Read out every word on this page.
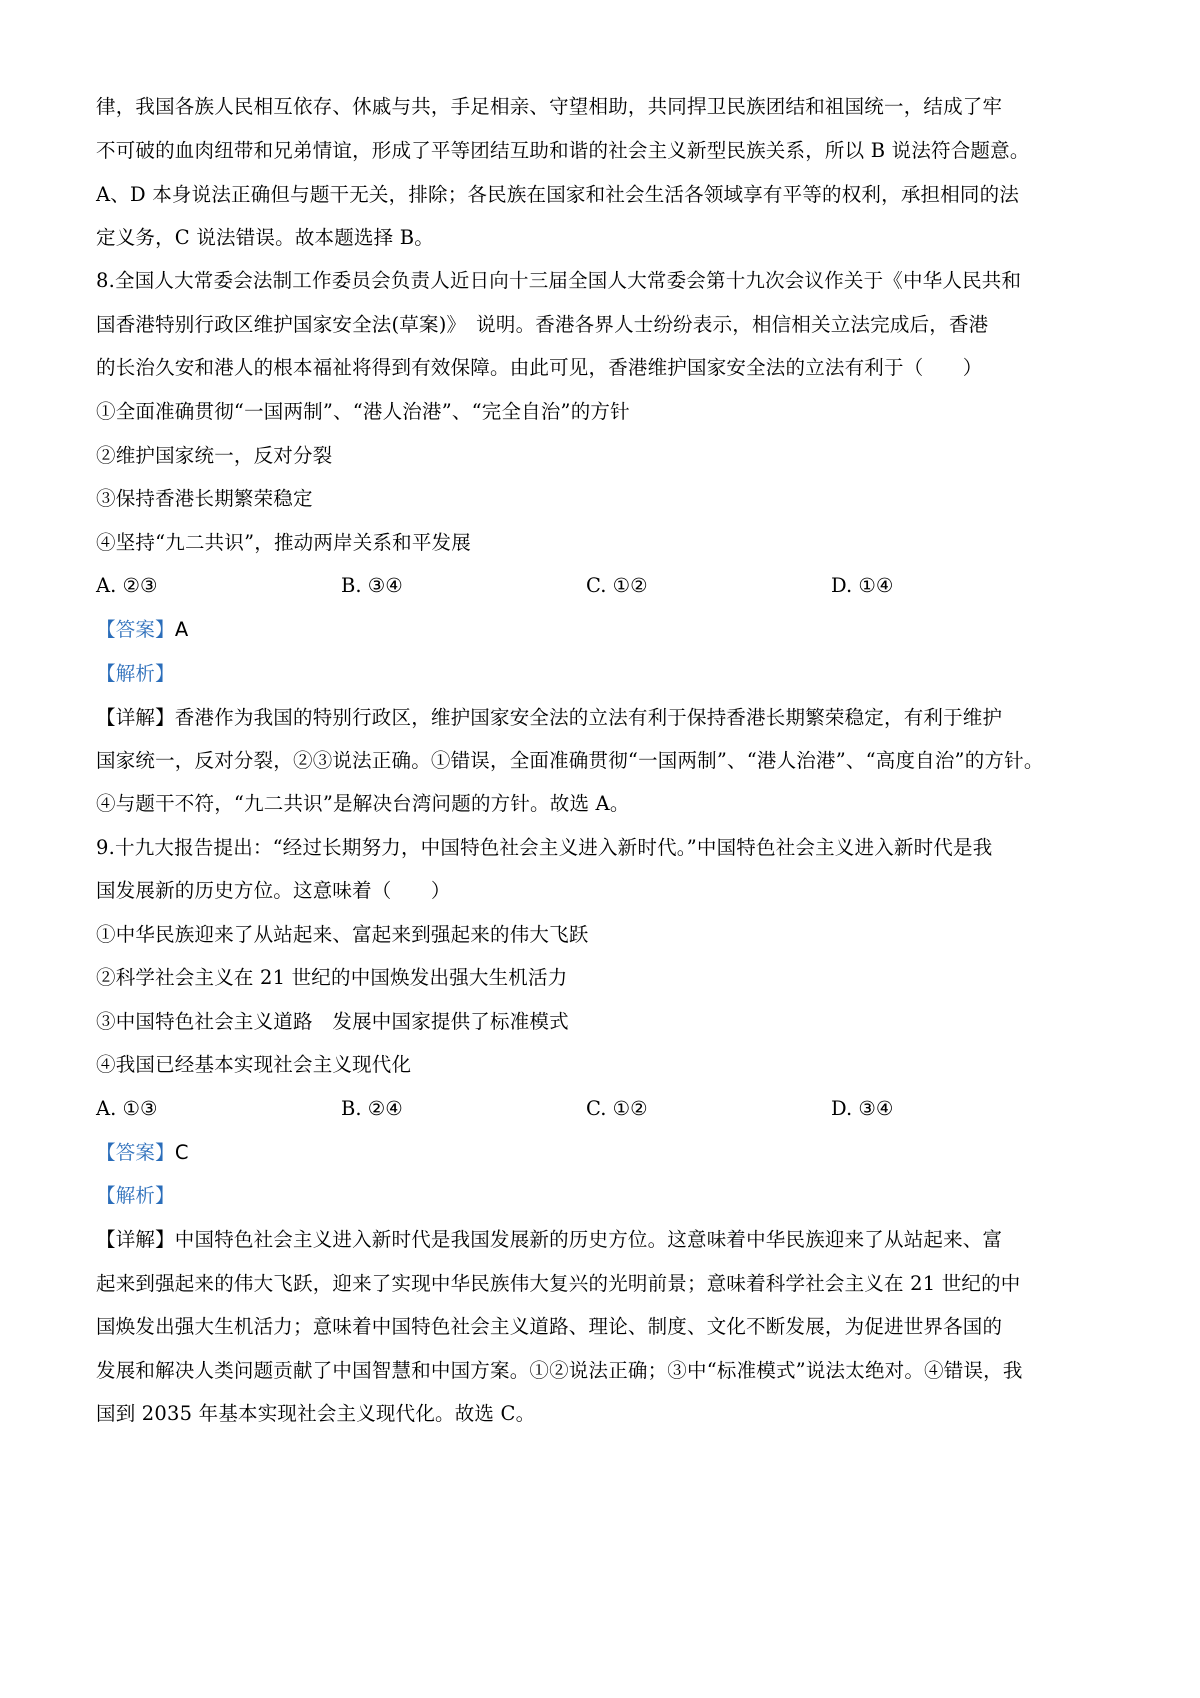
律，我国各族人民相互依存、休戚与共，手足相亲、守望相助，共同捍卫民族团结和祖国统一，结成了牢
不可破的血肉纽带和兄弟情谊，形成了平等团结互助和谐的社会主义新型民族关系，所以 B 说法符合题意。
A、D 本身说法正确但与题干无关，排除；各民族在国家和社会生活各领域享有平等的权利，承担相同的法
定义务，C 说法错误。故本题选择 B。
8.全国人大常委会法制工作委员会负责人近日向十三届全国人大常委会第十九次会议作关于《中华人民共和
国香港特别行政区维护国家安全法(草案)》　说明。香港各界人士纷纷表示，相信相关立法完成后，香港
的长治久安和港人的根本福祉将得到有效保障。由此可见，香港维护国家安全法的立法有利于（　　）
①全面准确贯彻“一国两制”、“港人治港”、“完全自治”的方针
②维护国家统一，反对分裂
③保持香港长期繁荣稳定
④坚持“九二共识”，推动两岸关系和平发展
A. ②③	B. ③④	C. ①②	D. ①④
【答案】A
【解析】
【详解】香港作为我国的特别行政区，维护国家安全法的立法有利于保持香港长期繁荣稳定，有利于维护
国家统一，反对分裂，②③说法正确。①错误，全面准确贯彻“一国两制”、“港人治港”、“高度自治”的方针。
④与题干不符，“九二共识”是解决台湾问题的方针。故选 A。
9.十九大报告提出：“经过长期努力，中国特色社会主义进入新时代。”中国特色社会主义进入新时代是我
国发展新的历史方位。这意味着（　　）
①中华民族迎来了从站起来、富起来到强起来的伟大飞跃
②科学社会主义在 21 世纪的中国焕发出强大生机活力
③中国特色社会主义道路　发展中国家提供了标准模式
④我国已经基本实现社会主义现代化
A. ①③	B. ②④	C. ①②	D. ③④
【答案】C
【解析】
【详解】中国特色社会主义进入新时代是我国发展新的历史方位。这意味着中华民族迎来了从站起来、富
起来到强起来的伟大飞跃，迎来了实现中华民族伟大复兴的光明前景；意味着科学社会主义在 21 世纪的中
国焕发出强大生机活力；意味着中国特色社会主义道路、理论、制度、文化不断发展，为促进世界各国的
发展和解决人类问题贡献了中国智慧和中国方案。①②说法正确；③中“标准模式”说法太绝对。④错误，我
国到 2035 年基本实现社会主义现代化。故选 C。
